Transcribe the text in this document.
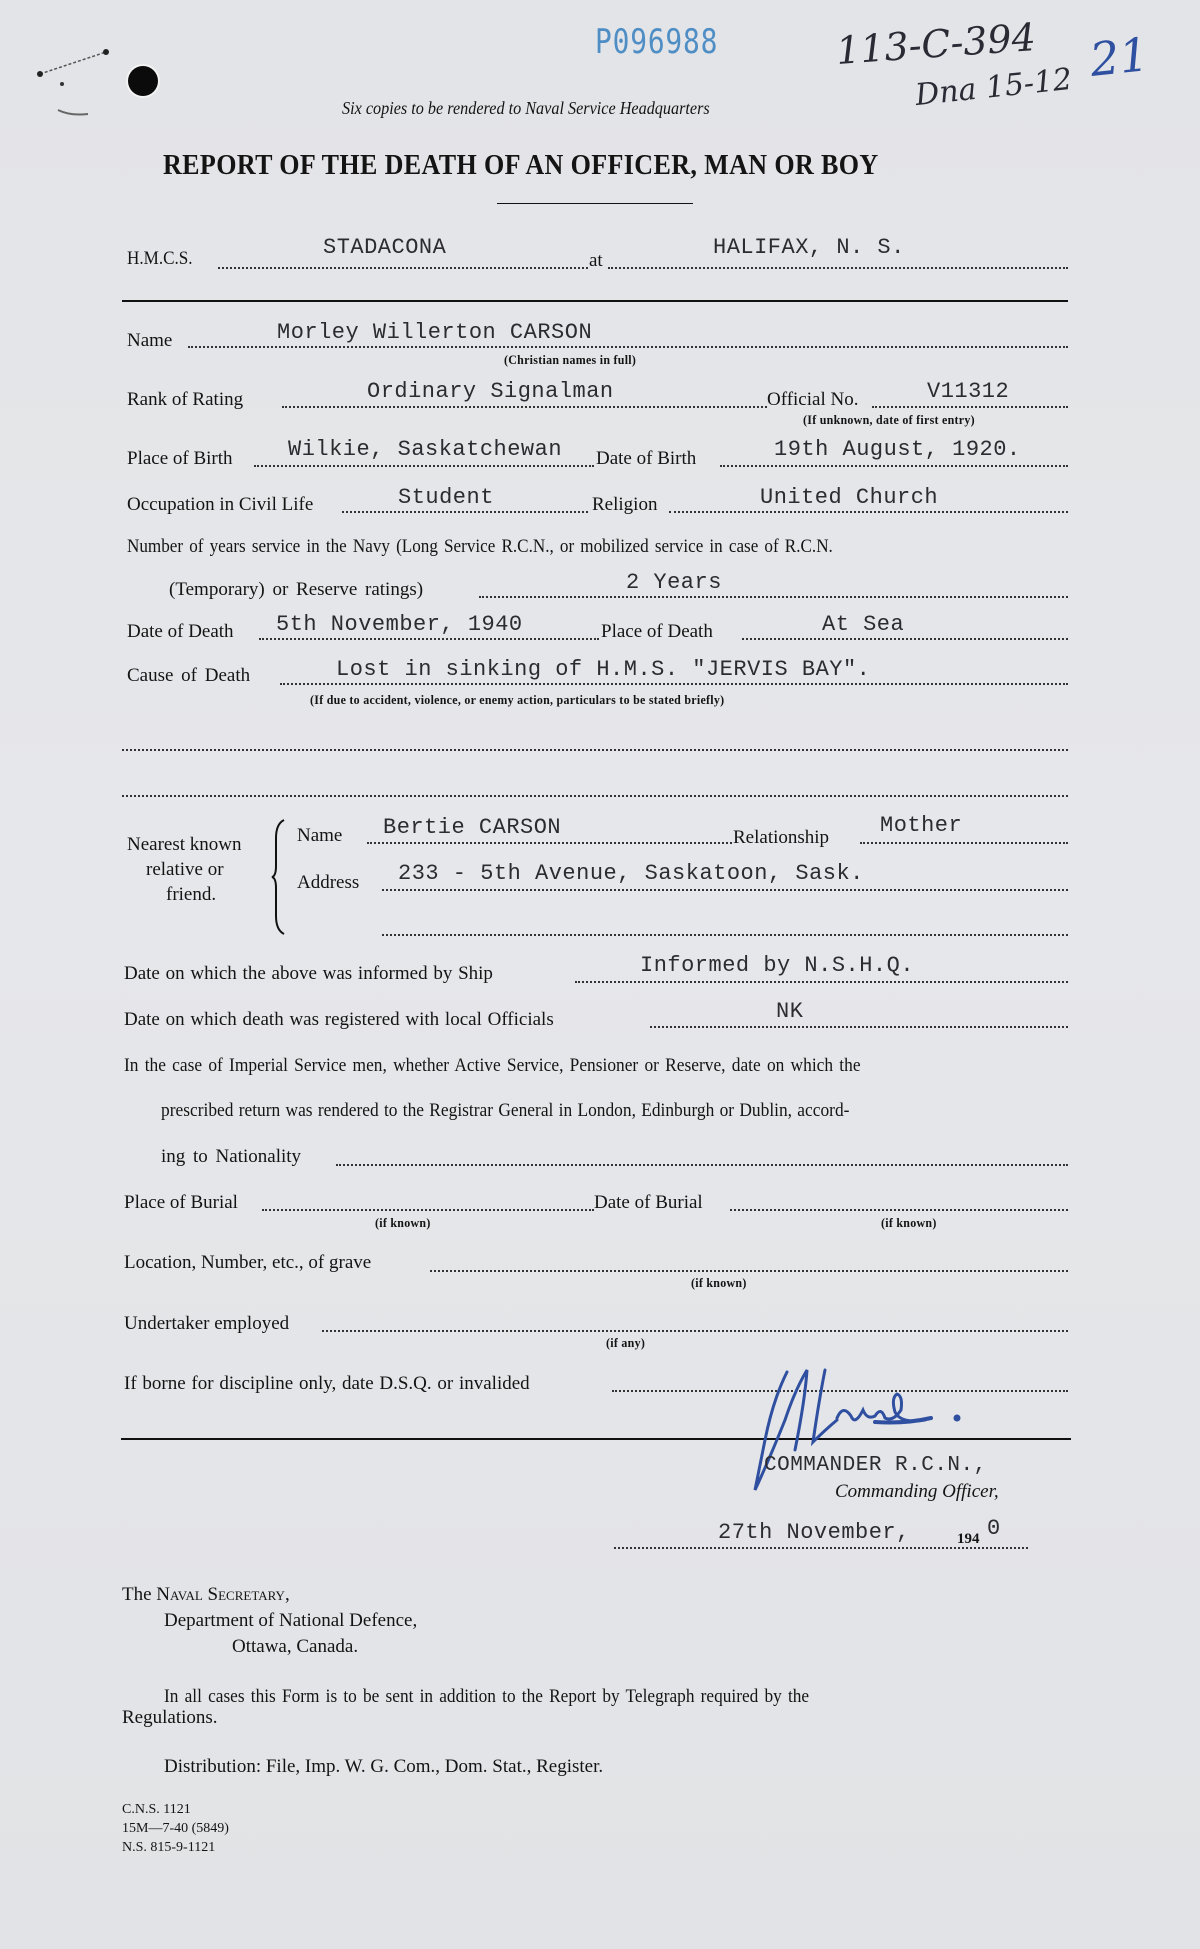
P096988	113-C-394
Dna 15-12
21
Six copies to be rendered to Naval Service Headquarters
REPORT OF THE DEATH OF AN OFFICER, MAN OR BOY
H.M.C.S.	STADACONA
at
HALIFAX, N. S.
Name	Morley Willerton CARSON
(Christian names in full)
Rank of Rating	Ordinary Signalman	Official No.	V11312
(If unknown, date of first entry)
Place of Birth	Wilkie, Saskatchewan Date of Birth	19th August, 1920.
Occupation in Civil Life	Student	Religion	United Church
Number of years service in the Navy (Long Service R.C.N., or mobilized service in case of R.C.N.
(Temporary) or Reserve ratings)	2 Years
Date of Death 5th November, 1940	Place of Death	At Sea
Cause of Death	Lost in sinking of H.M.S. "JERVIS BAY".
(If due to accident, violence, or enemy action, particulars to be stated briefly)
Nearest known
relative or
friend.
Name Bertie CARSON	Relationship Mother
Address 233 - 5th Avenue, Saskatoon, Sask.
Date on which the above was informed by Ship	Informed by N.S.H.Q.
Date on which death was registered with local Officials	NK
In the case of Imperial Service men, whether Active Service, Pensioner or Reserve, date on which the
prescribed return was rendered to the Registrar General in London, Edinburgh or Dublin, accord-
ing to Nationality
Place of Burial
(if known)
Date of Burial
(if known)
Location, Number, etc., of grave
(if known)
Undertaker employed
(if any)
If borne for discipline only, date D.S.Q. or invalided
COMMANDER R.C.N.,
Commanding Officer,
27th November,	194 0
The Naval Secretary,
Department of National Defence,
Ottawa, Canada.
In all cases this Form is to be sent in addition to the Report by Telegraph required by the
Regulations.
Distribution: File, Imp. W. G. Com., Dom. Stat., Register.
C.N.S. 1121
15M—7-40 (5849)
N.S. 815-9-1121
